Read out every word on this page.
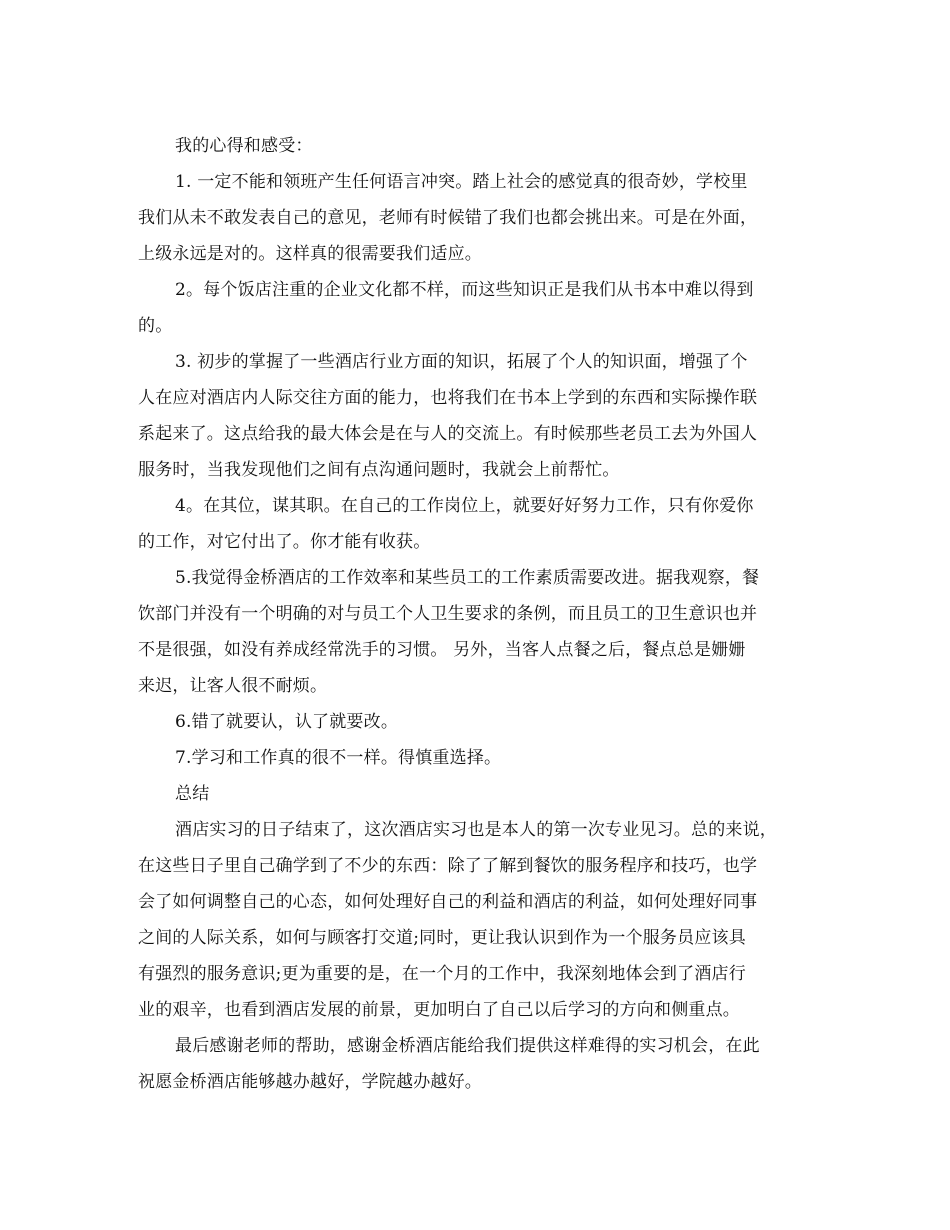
我的心得和感受：
1. 一定不能和领班产生任何语言冲突。踏上社会的感觉真的很奇妙，学校里
我们从未不敢发表自己的意见，老师有时候错了我们也都会挑出来。可是在外面，
上级永远是对的。这样真的很需要我们适应。
2。每个饭店注重的企业文化都不样，而这些知识正是我们从书本中难以得到
的。
3. 初步的掌握了一些酒店行业方面的知识，拓展了个人的知识面，增强了个
人在应对酒店内人际交往方面的能力，也将我们在书本上学到的东西和实际操作联
系起来了。这点给我的最大体会是在与人的交流上。有时候那些老员工去为外国人
服务时，当我发现他们之间有点沟通问题时，我就会上前帮忙。
4。在其位，谋其职。在自己的工作岗位上，就要好好努力工作，只有你爱你
的工作，对它付出了。你才能有收获。
5.我觉得金桥酒店的工作效率和某些员工的工作素质需要改进。据我观察，餐
饮部门并没有一个明确的对与员工个人卫生要求的条例，而且员工的卫生意识也并
不是很强，如没有养成经常洗手的习惯。 另外，当客人点餐之后，餐点总是姗姗
来迟，让客人很不耐烦。
6.错了就要认，认了就要改。
7.学习和工作真的很不一样。得慎重选择。
总结
酒店实习的日子结束了，这次酒店实习也是本人的第一次专业见习。总的来说，
在这些日子里自己确学到了不少的东西：除了了解到餐饮的服务程序和技巧，也学
会了如何调整自己的心态，如何处理好自己的利益和酒店的利益，如何处理好同事
之间的人际关系，如何与顾客打交道;同时，更让我认识到作为一个服务员应该具
有强烈的服务意识;更为重要的是，在一个月的工作中，我深刻地体会到了酒店行
业的艰辛，也看到酒店发展的前景，更加明白了自己以后学习的方向和侧重点。
最后感谢老师的帮助，感谢金桥酒店能给我们提供这样难得的实习机会，在此
祝愿金桥酒店能够越办越好，学院越办越好。
